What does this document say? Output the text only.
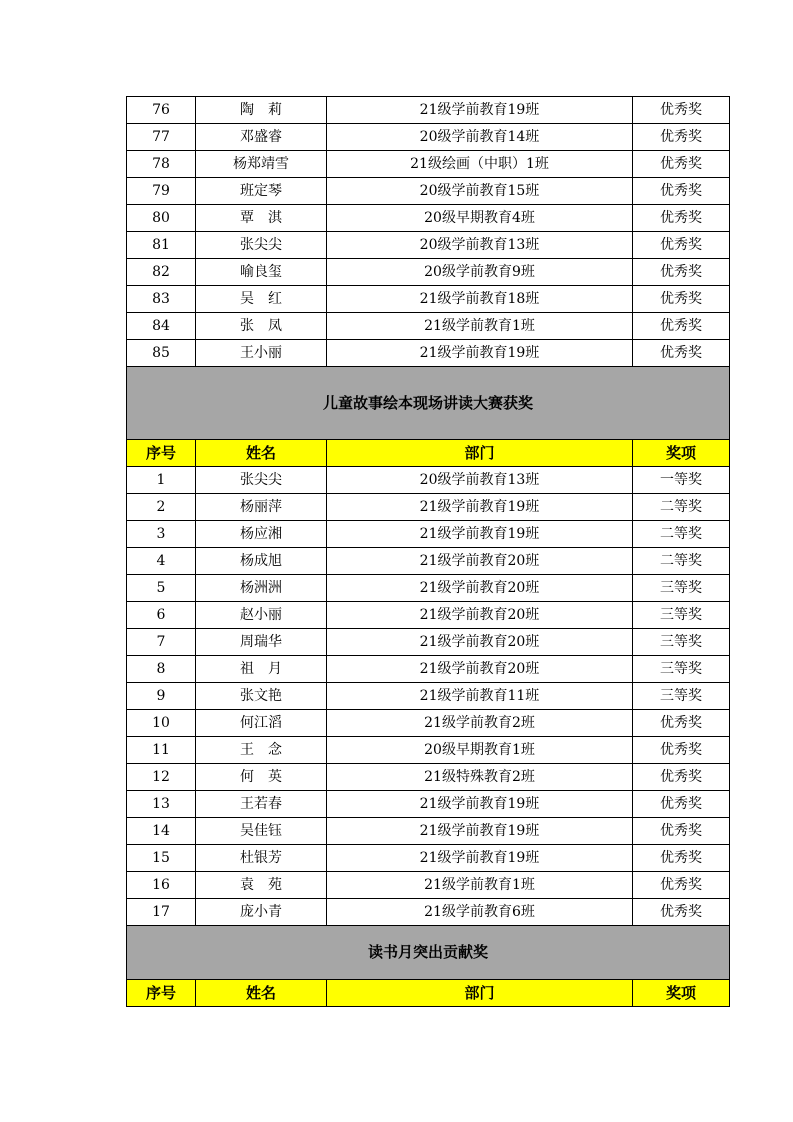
76	陶　莉	21级学前教育19班	优秀奖
77	邓盛睿	20级学前教育14班	优秀奖
78	杨郑靖雪	21级绘画（中职）1班	优秀奖
79	班定琴	20级学前教育15班	优秀奖
80	覃　淇	20级早期教育4班	优秀奖
81	张尖尖	20级学前教育13班	优秀奖
82	喻良玺	20级学前教育9班	优秀奖
83	吴　红	21级学前教育18班	优秀奖
84	张　凤	21级学前教育1班	优秀奖
85	王小丽	21级学前教育19班	优秀奖
儿童故事绘本现场讲读大赛获奖			
序号	姓名	部门	奖项
1	张尖尖	20级学前教育13班	一等奖
2	杨丽萍	21级学前教育19班	二等奖
3	杨应湘	21级学前教育19班	二等奖
4	杨成旭	21级学前教育20班	二等奖
5	杨洲洲	21级学前教育20班	三等奖
6	赵小丽	21级学前教育20班	三等奖
7	周瑞华	21级学前教育20班	三等奖
8	祖　月	21级学前教育20班	三等奖
9	张文艳	21级学前教育11班	三等奖
10	何江滔	21级学前教育2班	优秀奖
11	王　念	20级早期教育1班	优秀奖
12	何　英	21级特殊教育2班	优秀奖
13	王若春	21级学前教育19班	优秀奖
14	吴佳钰	21级学前教育19班	优秀奖
15	杜银芳	21级学前教育19班	优秀奖
16	袁　苑	21级学前教育1班	优秀奖
17	庞小青	21级学前教育6班	优秀奖
读书月突出贡献奖			
序号	姓名	部门	奖项
